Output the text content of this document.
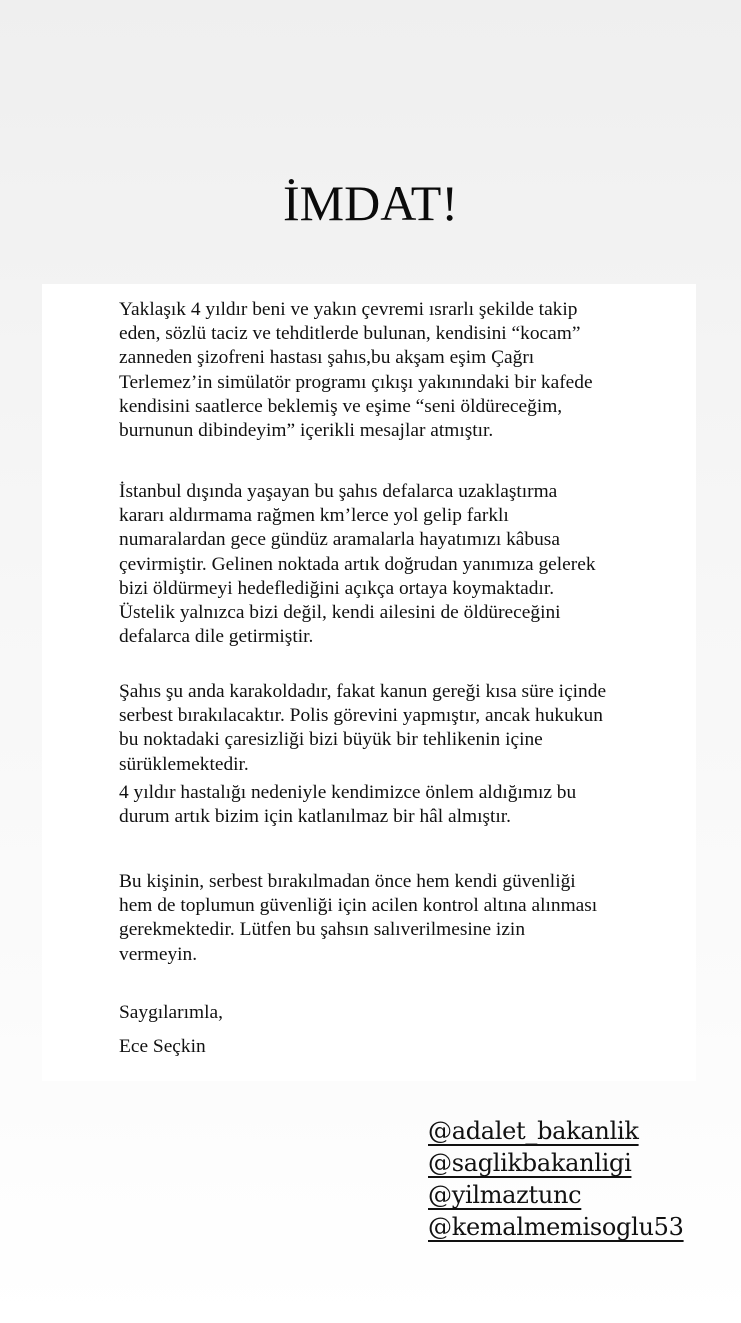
İMDAT!

Yaklaşık 4 yıldır beni ve yakın çevremi ısrarlı şekilde takip
eden, sözlü taciz ve tehditlerde bulunan, kendisini “kocam”
zanneden şizofreni hastası şahıs,bu akşam eşim Çağrı
Terlemez’in simülatör programı çıkışı yakınındaki bir kafede
kendisini saatlerce beklemiş ve eşime “seni öldüreceğim,
burnunun dibindeyim” içerikli mesajlar atmıştır.

İstanbul dışında yaşayan bu şahıs defalarca uzaklaştırma
kararı aldırmama rağmen km’lerce yol gelip farklı
numaralardan gece gündüz aramalarla hayatımızı kâbusa
çevirmiştir. Gelinen noktada artık doğrudan yanımıza gelerek
bizi öldürmeyi hedeflediğini açıkça ortaya koymaktadır.
Üstelik yalnızca bizi değil, kendi ailesini de öldüreceğini
defalarca dile getirmiştir.

Şahıs şu anda karakoldadır, fakat kanun gereği kısa süre içinde
serbest bırakılacaktır. Polis görevini yapmıştır, ancak hukukun
bu noktadaki çaresizliği bizi büyük bir tehlikenin içine
sürüklemektedir.

4 yıldır hastalığı nedeniyle kendimizce önlem aldığımız bu
durum artık bizim için katlanılmaz bir hâl almıştır.

Bu kişinin, serbest bırakılmadan önce hem kendi güvenliği
hem de toplumun güvenliği için acilen kontrol altına alınması
gerekmektedir. Lütfen bu şahsın salıverilmesine izin
vermeyin.

Saygılarımla,

Ece Seçkin

@adalet_bakanlik
@saglikbakanligi
@yilmaztunc
@kemalmemisoglu53
